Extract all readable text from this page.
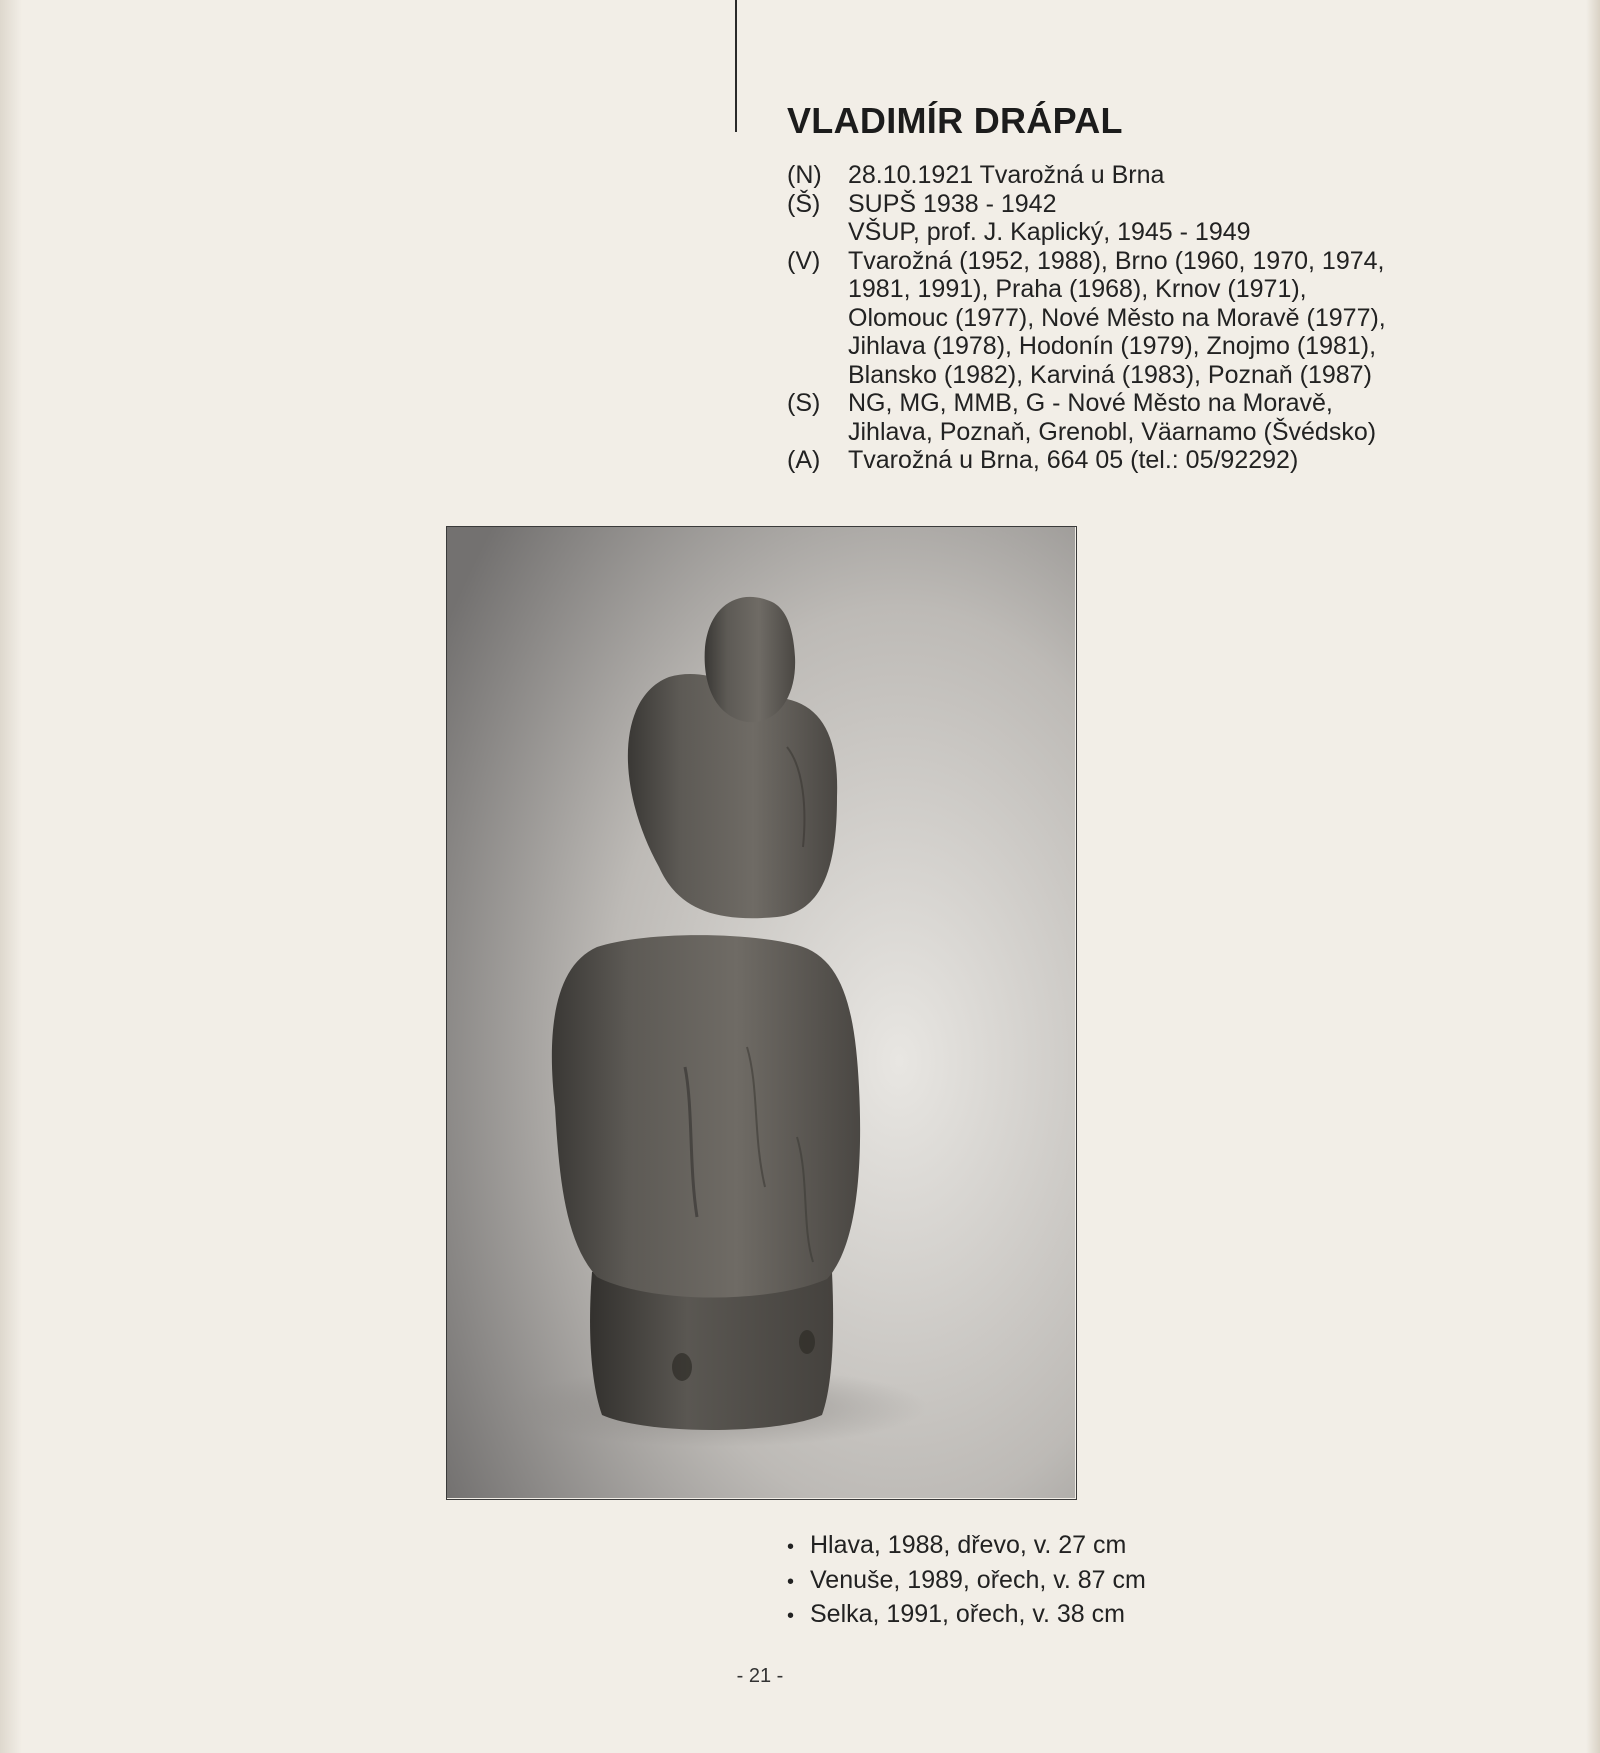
VLADIMÍR DRÁPAL
(N)	28.10.1921 Tvarožná u Brna
(Š)	SUPŠ 1938 - 1942
VŠUP, prof. J. Kaplický, 1945 - 1949
(V)	Tvarožná (1952, 1988), Brno (1960, 1970, 1974,
1981, 1991), Praha (1968), Krnov (1971),
Olomouc (1977), Nové Město na Moravě (1977),
Jihlava (1978), Hodonín (1979), Znojmo (1981),
Blansko (1982), Karviná (1983), Poznaň (1987)
(S)	NG, MG, MMB, G - Nové Město na Moravě,
Jihlava, Poznaň, Grenobl, Väarnamo (Švédsko)
(A)	Tvarožná u Brna, 664 05 (tel.: 05/92292)
• Hlava, 1988, dřevo, v. 27 cm
• Venuše, 1989, ořech, v. 87 cm
• Selka, 1991, ořech, v. 38 cm
- 21 -
